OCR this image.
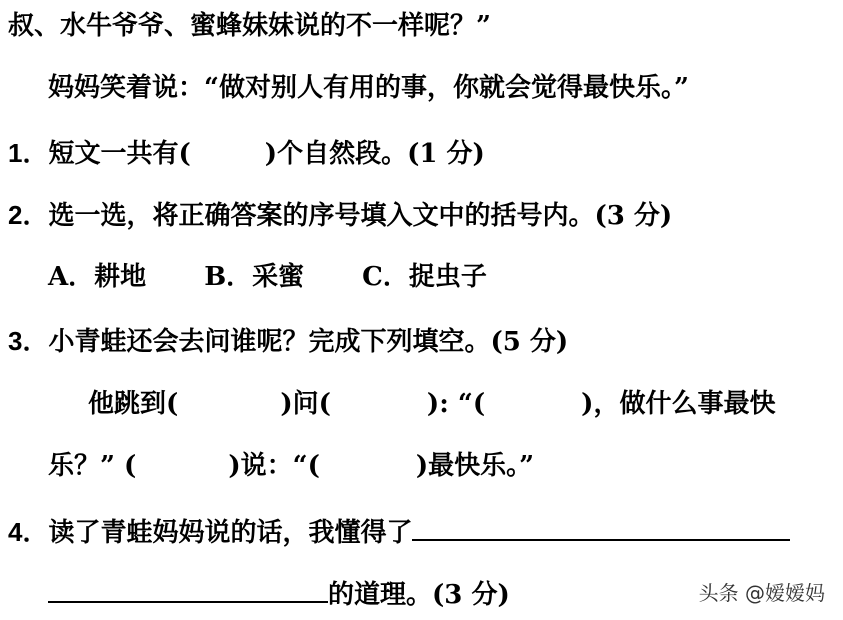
叔、水牛爷爷、蜜蜂妹妹说的不一样呢？”
妈妈笑着说：“做对别人有用的事，你就会觉得最快乐。”
1．短文一共有(	)个自然段。(1 分)
2．选一选，将正确答案的序号填入文中的括号内。(3 分)
A．耕地 B．采蜜 C．捉虫子
3．小青蛙还会去问谁呢？完成下列填空。(5 分)
他跳到(	)问(	): “(	)，做什么事最快
乐？” (	)说：“(	)最快乐。”
4．读了青蛙妈妈说的话，我懂得了
的道理。(3 分)	头条 @嫒嫒妈
